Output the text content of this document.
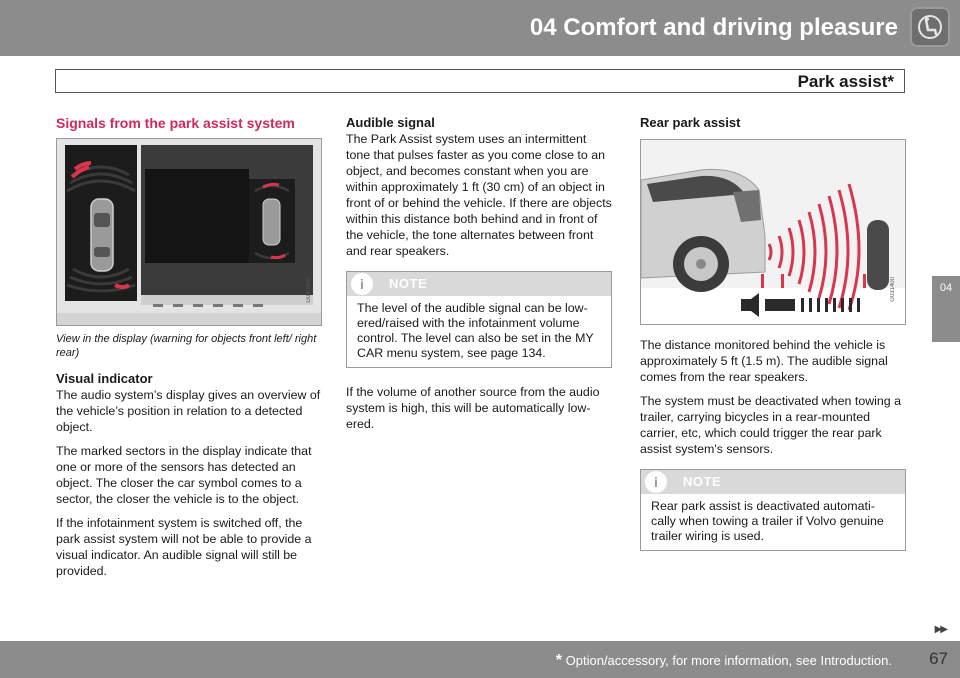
04 Comfort and driving pleasure
Park assist*
04
Signals from the park assist system
G040460
View in the display (warning for objects front left/ right rear)
Visual indicator

The audio system’s display gives an overview of the vehicle’s position in relation to a detected object.

The marked sectors in the display indicate that one or more of the sensors has detected an object. The closer the car symbol comes to a sector, the closer the vehicle is to the object.

If the infotainment system is switched off, the park assist system will not be able to provide a visual indicator. An audible signal will still be provided.

Audible signal

The Park Assist system uses an intermittent tone that pulses faster as you come close to an object, and becomes constant when you are within approximately 1 ft (30 cm) of an object in front of or behind the vehicle. If there are objects within this distance both behind and in front of the vehicle, the tone alternates between front and rear speakers.

i	NOTE
The level of the audible signal can be low-ered/raised with the infotainment volume control. The level can also be set in the MY CAR menu system, see page 134.

If the volume of another source from the audio system is high, this will be automatically low-ered.

Rear park assist
G031400

The distance monitored behind the vehicle is approximately 5 ft (1.5 m). The audible signal comes from the rear speakers.

The system must be deactivated when towing a trailer, carrying bicycles in a rear-mounted carrier, etc, which could trigger the rear park assist system's sensors.

i	NOTE
Rear park assist is deactivated automati-cally when towing a trailer if Volvo genuine trailer wiring is used.
▶▶
* Option/accessory, for more information, see Introduction. 67
